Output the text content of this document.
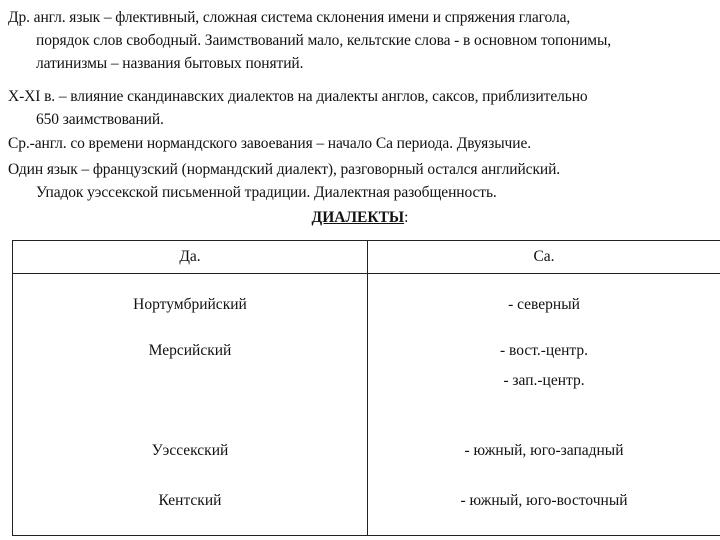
Др. англ. язык – флективный, сложная система склонения имени и спряжения глагола,
порядок слов свободный. Заимствований мало, кельтские слова - в основном топонимы,
латинизмы – названия бытовых понятий.
X-XI в. – влияние скандинавских диалектов на диалекты англов, саксов, приблизительно
650 заимствований.
Ср.-англ. со времени нормандского завоевания – начало Са периода. Двуязычие.
Один язык – французский (нормандский диалект), разговорный остался английский.
Упадок уэссекской письменной традиции. Диалектная разобщенность.
ДИАЛЕКТЫ:
Да.	Са.

Нортумбрийский	- северный

Мерсийский	- вост.-центр.
- зап.-центр.

Уэссекский	- южный, юго-западный

Кентский	- южный, юго-восточный
